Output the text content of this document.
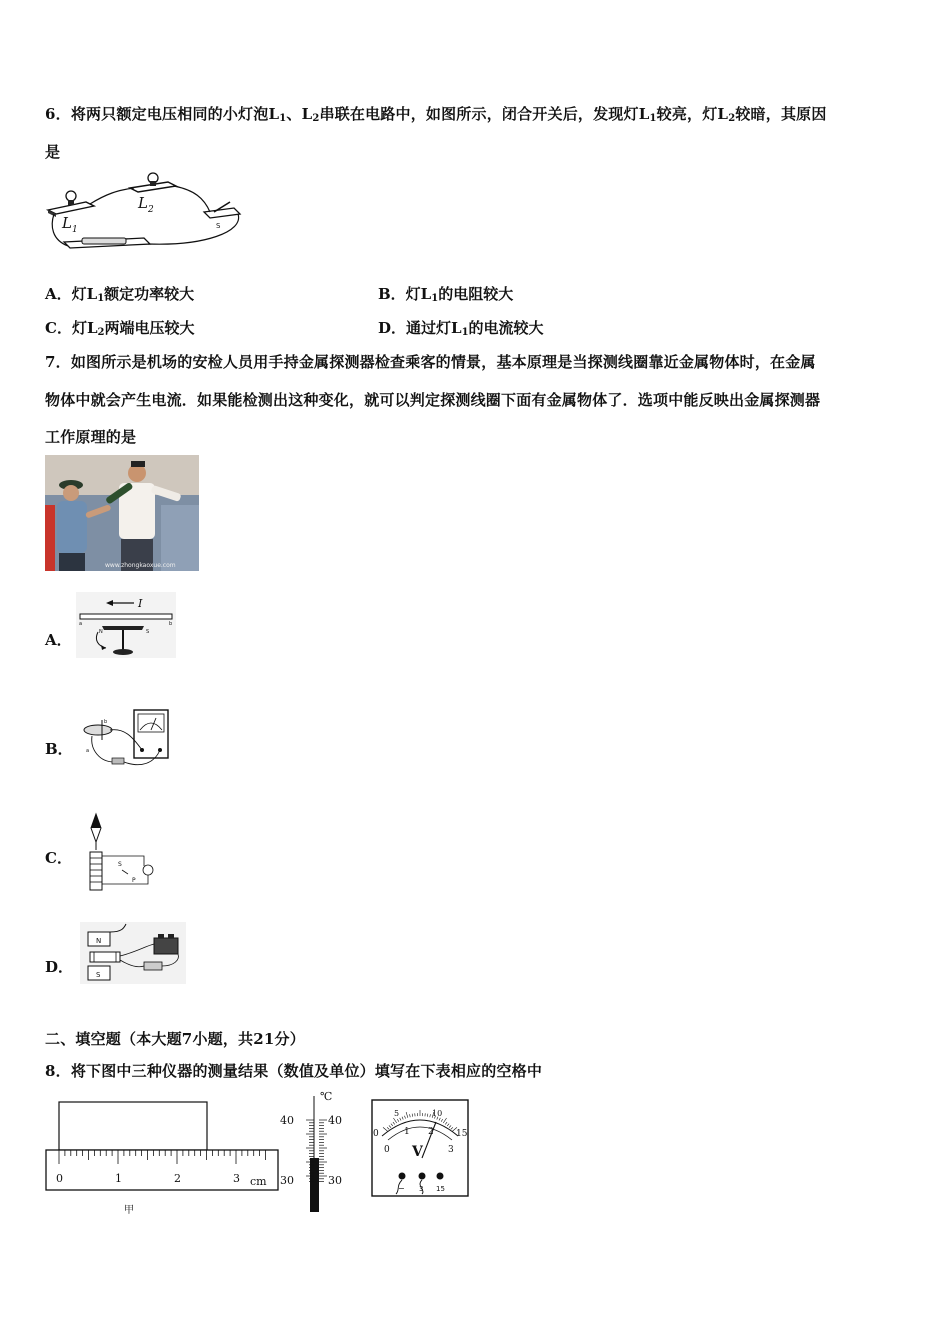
6．将两只额定电压相同的小灯泡$L_1$、$L_2$串联在电路中，如图所示，闭合开关后，发现灯$L_1$较亮，灯$L_2$较暗，其原因
是
L 1
L 2
S
A．灯$L_1$额定功率较大	B．灯$L_1$的电阻较大
C．灯$L_2$两端电压较大	D．通过灯$L_1$的电流较大
7．如图所示是机场的安检人员用手持金属探测器检查乘客的情景，基本原理是当探测线圈靠近金属物体时，在金属
物体中就会产生电流．如果能检测出这种变化，就可以判定探测线圈下面有金属物体了．选项中能反映出金属探测器
工作原理的是
www.zhongkaoxue.com
A．
I
a	b
N	S
B．
b
a
C．	S
P
D．
N
S
二、填空题（本大题7小题，共21分）
8．将下图中三种仪器的测量结果（数值及单位）填写在下表相应的空格中
0	1	2	3 cm
甲
℃
40	40
30	30
0
5	10
15
0
1 2
3
V
− 3 15
